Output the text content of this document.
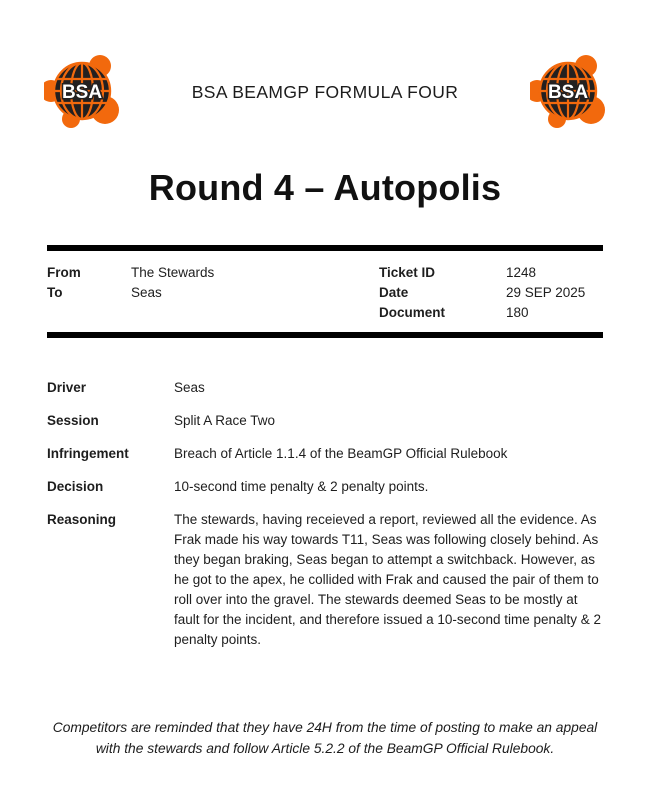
BSA	BSA BEAMGP FORMULA FOUR	BSA
Round 4 – Autopolis
From	The Stewards
To	Seas
Ticket ID	1248
Date	29 SEP 2025
Document	180
Driver	Seas
Session	Split A Race Two
Infringement	Breach of Article 1.1.4 of the BeamGP Official Rulebook
Decision	10-second time penalty & 2 penalty points.
Reasoning	The stewards, having receieved a report, reviewed all the evidence. As Frak made his way towards T11, Seas was following closely behind. As they began braking, Seas began to attempt a switchback. However, as he got to the apex, he collided with Frak and caused the pair of them to roll over into the gravel. The stewards deemed Seas to be mostly at fault for the incident, and therefore issued a 10-second time penalty & 2 penalty points.
Competitors are reminded that they have 24H from the time of posting to make an appeal with the stewards and follow Article 5.2.2 of the BeamGP Official Rulebook.
